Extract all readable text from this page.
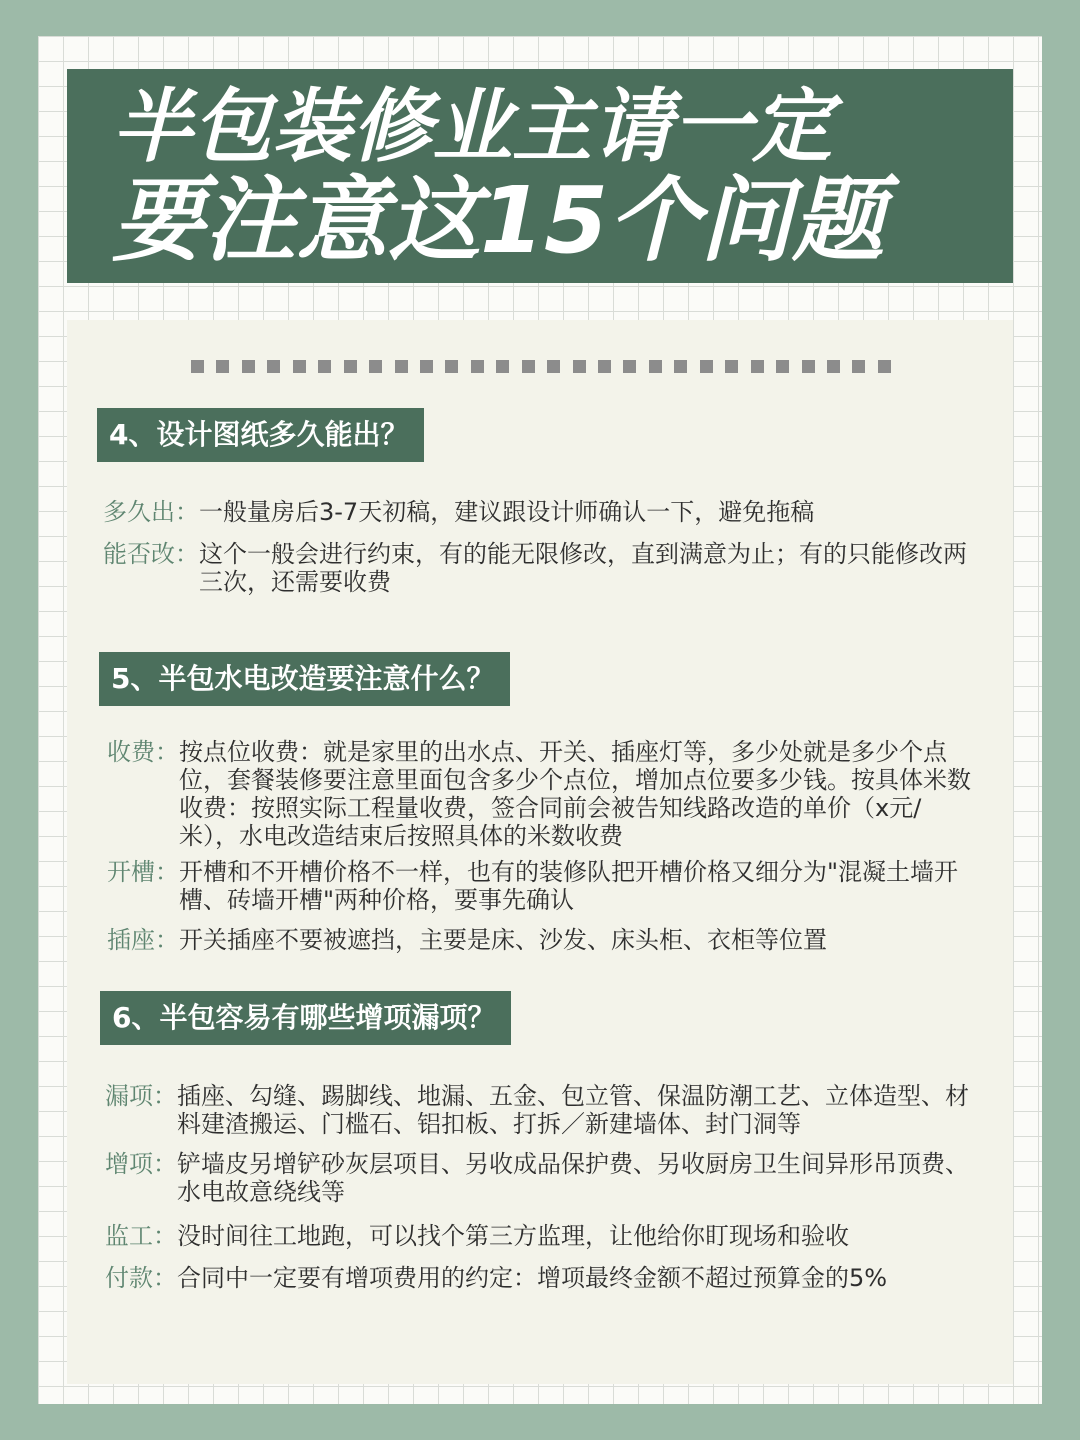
半包装修业主请一定
要注意这15个问题
4、设计图纸多久能出？
多久出： 一般量房后3-7天初稿，建议跟设计师确认一下，避免拖稿
能否改： 这个一般会进行约束，有的能无限修改，直到满意为止；有的只能修改两三次，还需要收费
5、半包水电改造要注意什么？
收费： 按点位收费：就是家里的出水点、开关、插座灯等，多少处就是多少个点位，套餐装修要注意里面包含多少个点位，增加点位要多少钱。按具体米数收费：按照实际工程量收费，签合同前会被告知线路改造的单价（x元/米），水电改造结束后按照具体的米数收费
开槽： 开槽和不开槽价格不一样，也有的装修队把开槽价格又细分为"混凝土墙开槽、砖墙开槽"两种价格，要事先确认
插座： 开关插座不要被遮挡，主要是床、沙发、床头柜、衣柜等位置
6、半包容易有哪些增项漏项？
漏项： 插座、勾缝、踢脚线、地漏、五金、包立管、保温防潮工艺、立体造型、材料建渣搬运、门槛石、铝扣板、打拆／新建墙体、封门洞等
增项： 铲墙皮另增铲砂灰层项目、另收成品保护费、另收厨房卫生间异形吊顶费、水电故意绕线等
监工： 没时间往工地跑，可以找个第三方监理，让他给你盯现场和验收
付款： 合同中一定要有增项费用的约定：增项最终金额不超过预算金的5%
